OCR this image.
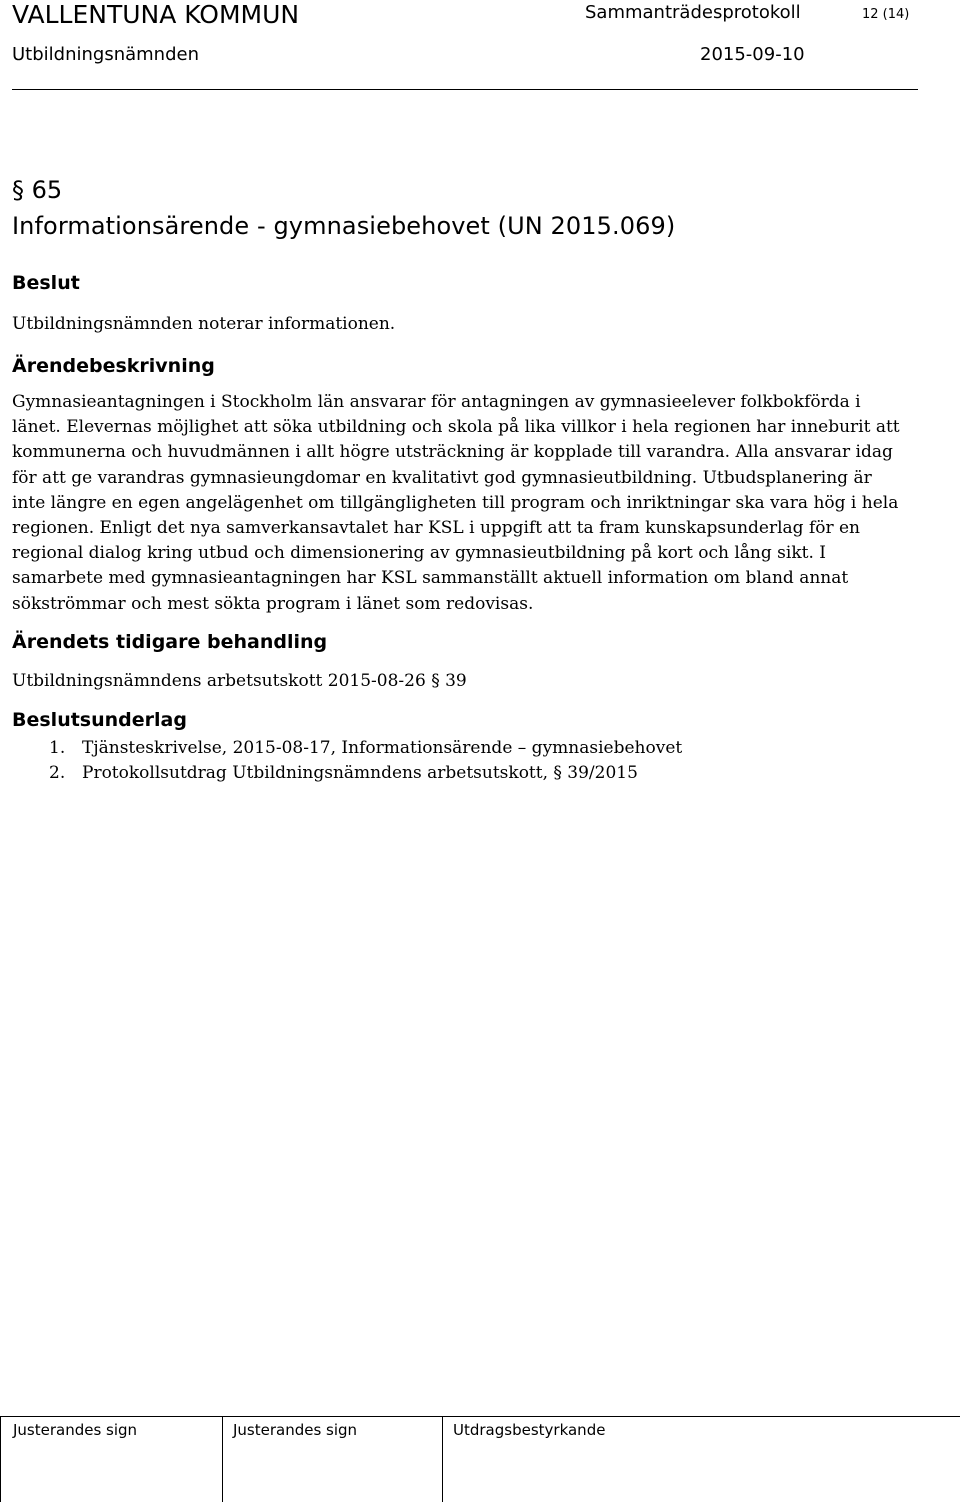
VALLENTUNA KOMMUN	Sammanträdesprotokoll	12 (14)
Utbildningsnämnden	2015-09-10
§ 65
Informationsärende - gymnasiebehovet (UN 2015.069)
Beslut
Utbildningsnämnden noterar informationen.
Ärendebeskrivning
Gymnasieantagningen i Stockholm län ansvarar för antagningen av gymnasieelever folkbokförda i
länet. Elevernas möjlighet att söka utbildning och skola på lika villkor i hela regionen har inneburit att
kommunerna och huvudmännen i allt högre utsträckning är kopplade till varandra. Alla ansvarar idag
för att ge varandras gymnasieungdomar en kvalitativt god gymnasieutbildning. Utbudsplanering är
inte längre en egen angelägenhet om tillgängligheten till program och inriktningar ska vara hög i hela
regionen. Enligt det nya samverkansavtalet har KSL i uppgift att ta fram kunskapsunderlag för en
regional dialog kring utbud och dimensionering av gymnasieutbildning på kort och lång sikt. I
samarbete med gymnasieantagningen har KSL sammanställt aktuell information om bland annat
sökströmmar och mest sökta program i länet som redovisas.
Ärendets tidigare behandling
Utbildningsnämndens arbetsutskott 2015-08-26 § 39
Beslutsunderlag
1. Tjänsteskrivelse, 2015-08-17, Informationsärende – gymnasiebehovet
2. Protokollsutdrag Utbildningsnämndens arbetsutskott, § 39/2015
Justerandes sign	Justerandes sign	Utdragsbestyrkande
